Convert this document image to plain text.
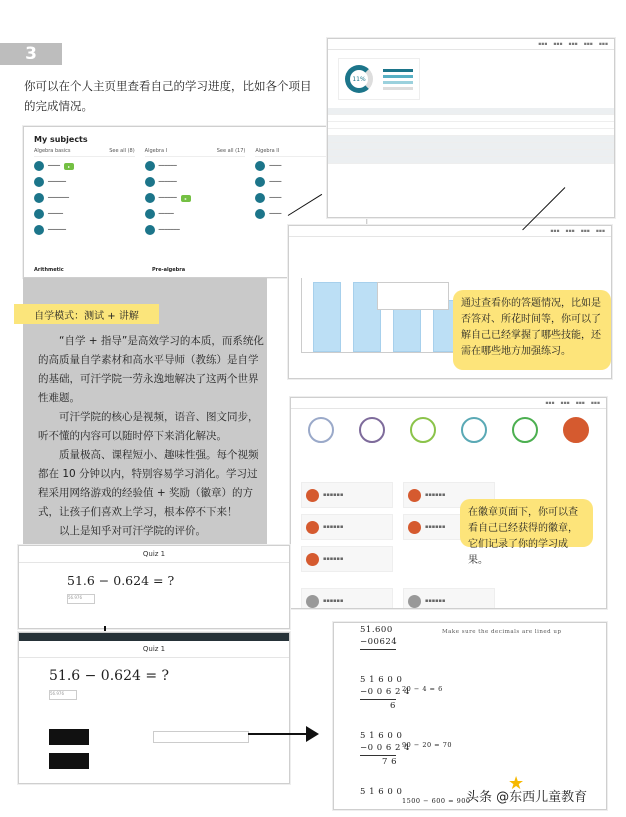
3
你可以在个人主页里查看自己的学习进度，比如各个项目的完成情况。
My subjects
Algebra basics	See all (8)
━━━━	▸
━━━━━━
━━━━━━━
━━━━━
━━━━━━
Algebra I	See all (17)
━━━━━━
━━━━━━
━━━━━━	▸
━━━━━
━━━━━━━
Algebra II
━━━━
━━━━
━━━━
━━━━
Arithmetic	Pre-algebra
自学模式：测试 + 讲解

“自学 + 指导”是高效学习的本质，而系统化的高质量自学素材和高水平导师（教练）是自学的基础，可汗学院一劳永逸地解决了这两个世界性难题。

可汗学院的核心是视频，语音、图文同步，听不懂的内容可以随时停下来消化解决。

质量极高、课程短小、趣味性强。每个视频都在 10 分钟以内，特别容易学习消化。学习过程采用网络游戏的经验值 + 奖励（徽章）的方式，让孩子们喜欢上学习，根本停不下来！

以上是知乎对可汗学院的评价。

▪▪▪ ▪▪▪ ▪▪▪ ▪▪▪ ▪▪▪
11%
▪▪▪ ▪▪▪ ▪▪▪ ▪▪▪
通过查看你的答题情况，比如是否答对、所花时间等，你可以了解自己已经掌握了哪些技能，还需在哪些地方加强练习。
▪▪▪ ▪▪▪ ▪▪▪ ▪▪▪
▪▪▪▪▪▪
▪▪▪▪▪▪
▪▪▪▪▪▪
▪▪▪▪▪▪
▪▪▪▪▪▪
▪▪▪▪▪▪	▪▪▪▪▪▪
在徽章页面下，你可以查看自己已经获得的徽章，它们记录了你的学习成果。
Quiz 1
51.6 − 0.624 = ?
56.976
Quiz 1
51.6 − 0.624 = ?
56.976
51.600
−00624
Make sure the decimals are lined up
5 1 6 0 0
−0 0 6 2 4
6
20 − 4 = 6
5 1 6 0 0
−0 0 6 2 4
7 6
90 − 20 = 70
5 1 6 0 0
1500 − 600 = 900
★
头条 @东西儿童教育
